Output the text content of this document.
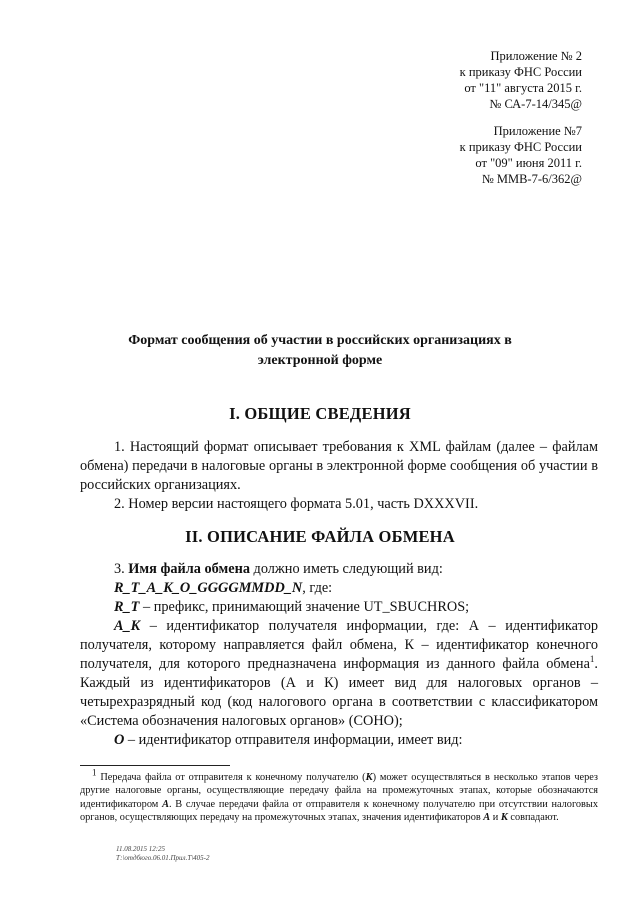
Приложение № 2
к приказу ФНС России
от "11" августа 2015 г.
№ СА-7-14/345@
Приложение №7
к приказу ФНС России
от "09" июня 2011 г.
№ ММВ-7-6/362@
Формат сообщения об участии в российских организациях в
электронной форме
I. ОБЩИЕ СВЕДЕНИЯ

1. Настоящий формат описывает требования к XML файлам (далее – файлам обмена) передачи в налоговые органы в электронной форме сообщения об участии в российских организациях.

2. Номер версии настоящего формата 5.01, часть DXXXVII.

II. ОПИСАНИЕ ФАЙЛА ОБМЕНА

3. Имя файла обмена должно иметь следующий вид:

R_T_A_K_O_GGGGMMDD_N, где:

R_T – префикс, принимающий значение UT_SBUCHROS;

A_K – идентификатор получателя информации, где: А – идентификатор получателя, которому направляется файл обмена, К – идентификатор конечного получателя, для которого предназначена информация из данного файла обмена$^1$. Каждый из идентификаторов (А и К) имеет вид для налоговых органов – четырехразрядный код (код налогового органа в соответствии с классификатором «Система обозначения налоговых органов» (СОНО);

O – идентификатор отправителя информации, имеет вид:

$^1$ Передача файла от отправителя к конечному получателю (К) может осуществляться в несколько этапов через другие налоговые органы, осуществляющие передачу файла на промежуточных этапах, которые обозначаются идентификатором А. В случае передачи файла от отправителя к конечному получателю при отсутствии налоговых органов, осуществляющих передачу на промежуточных этапах, значения идентификаторов А и К совпадают.

11.08.2015 12:25
Т:\отдбюго.06.01.Прил.Т\405-2
